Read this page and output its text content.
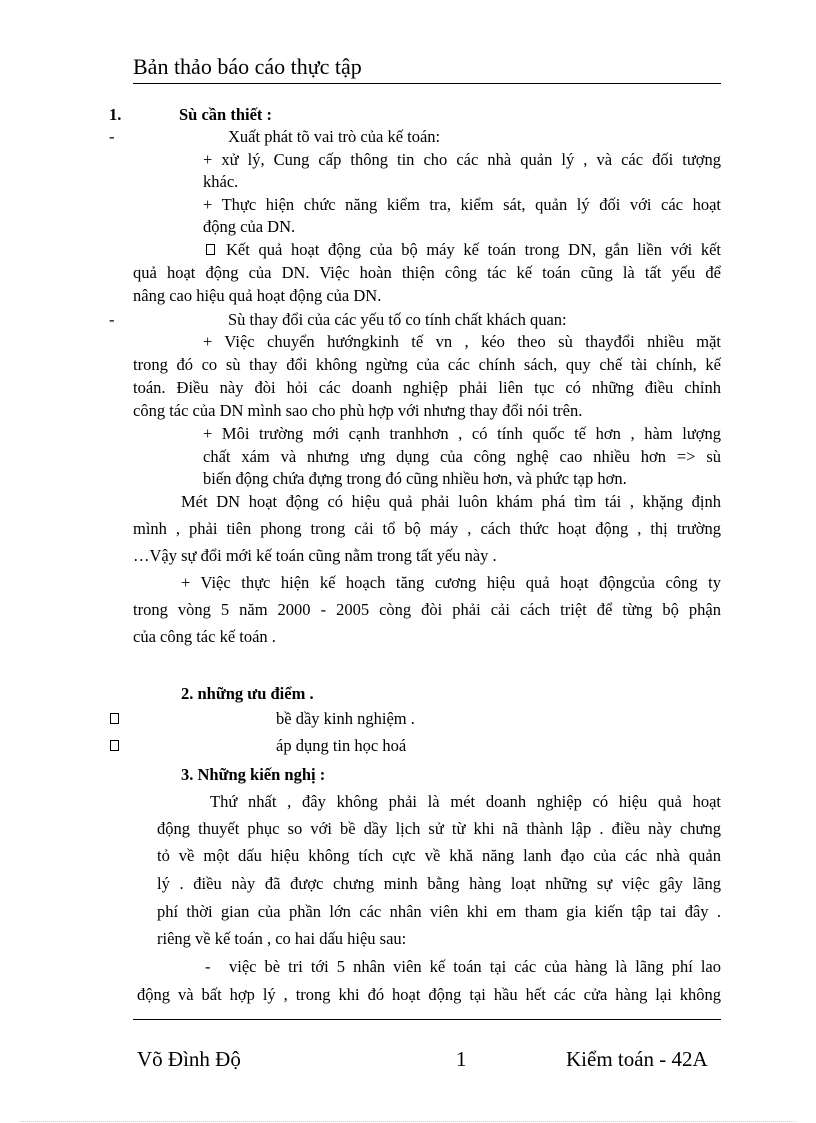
Bản thảo báo cáo thực tập
1.	Sù cần thiết :
-	Xuất phát tõ vai trò của kế toán:
+ xử lý, Cung cấp thông tin cho các nhà quản lý , và các đối tượng
khác.
+ Thực hiện chức năng kiểm tra, kiểm sát, quản lý đối với các hoạt
động của DN.
Kết quả hoạt động của bộ máy kế toán trong DN, gắn liền với kết
quả hoạt động của DN. Việc hoàn thiện công tác kế toán cũng là tất yếu để
nâng cao hiệu quả hoạt động của DN.
-	Sù thay đổi của các yếu tố co tính chất khách quan:
+ Việc chuyển hướngkinh tế vn , kéo theo sù thayđổi nhiều mặt
trong đó co sù thay đổi không ngừng của các chính sách, quy chế tài chính, kế
toán. Điều này đòi hỏi các doanh nghiệp phải liên tục có những điều chỉnh
công tác của DN mình sao cho phù hợp với nhưng thay đổi nói trên.
+ Môi trường mới cạnh tranhhơn , có tính quốc tế hơn , hàm lượng
chất xám và nhưng ưng dụng của công nghệ cao nhiều hơn => sù
biến động chứa đựng trong đó cũng nhiều hơn, và phức tạp hơn.
Mét DN hoạt động có hiệu quả phải luôn khám phá tìm tái , khặng định
mình , phải tiên phong trong cải tổ bộ máy , cách thức hoạt động , thị trường
…Vậy sự đổi mới kế toán cũng nằm trong tất yếu này .
+ Việc thực hiện kế hoạch tăng cương hiệu quả hoạt độngcủa công ty
trong vòng 5 năm 2000 - 2005 còng đòi phải cải cách triệt để từng bộ phận
của công tác kế toán .
2. những ưu điểm .
bề dầy kinh nghiệm .
áp dụng tin học hoá
3. Những kiến nghị :
Thứ nhất , đây không phải là mét doanh nghiệp có hiệu quả hoạt
động thuyết phục so với bề dầy lịch sử từ khi nã thành lập . điều này chưng
tỏ về một dấu hiệu không tích cực về khă năng lanh đạo của các nhà quản
lý . điều này đã được chưng minh bằng hàng loạt những sự việc gây lãng
phí thời gian của phần lớn các nhân viên khi em tham gia kiến tập tai đây .
riêng về kế toán , co hai dấu hiệu sau:
- việc bè tri tới 5 nhân viên kế toán tại các của hàng là lãng phí lao
động và bất hợp lý , trong khi đó hoạt động tại hầu hết các cửa hàng lại không
Võ Đình Độ	1	Kiểm toán - 42A
